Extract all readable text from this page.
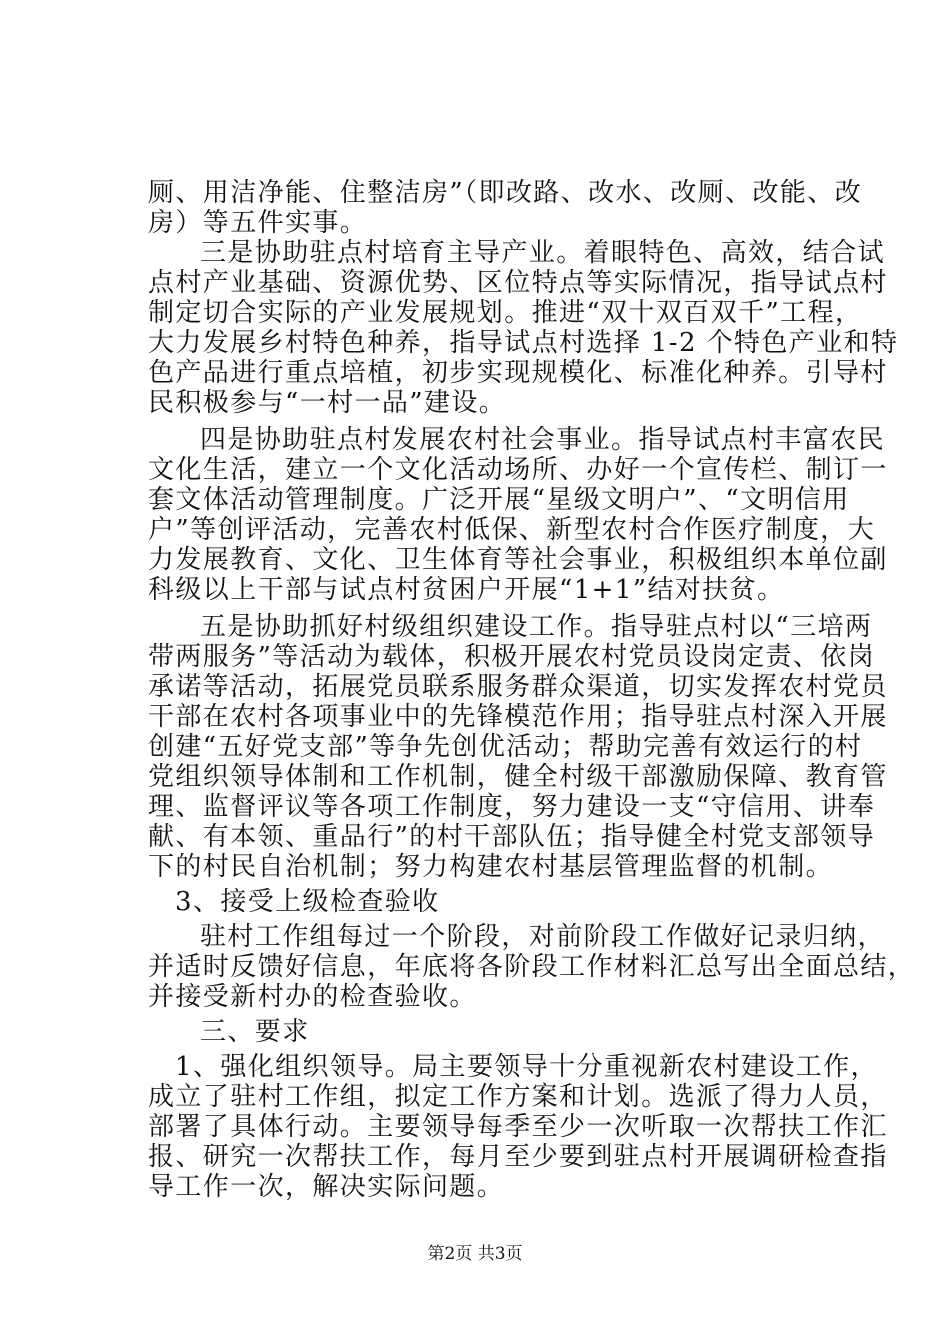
厕、用洁净能、住整洁房”（即改路、改水、改厕、改能、改
房）等五件实事。
三是协助驻点村培育主导产业。着眼特色、高效，结合试
点村产业基础、资源优势、区位特点等实际情况，指导试点村
制定切合实际的产业发展规划。推进“双十双百双千”工程，
大力发展乡村特色种养，指导试点村选择 1-2 个特色产业和特
色产品进行重点培植，初步实现规模化、标准化种养。引导村
民积极参与“一村一品”建设。
四是协助驻点村发展农村社会事业。指导试点村丰富农民
文化生活，建立一个文化活动场所、办好一个宣传栏、制订一
套文体活动管理制度。广泛开展“星级文明户”、“文明信用
户”等创评活动，完善农村低保、新型农村合作医疗制度，大
力发展教育、文化、卫生体育等社会事业，积极组织本单位副
科级以上干部与试点村贫困户开展“1+1”结对扶贫。
五是协助抓好村级组织建设工作。指导驻点村以“三培两
带两服务”等活动为载体，积极开展农村党员设岗定责、依岗
承诺等活动，拓展党员联系服务群众渠道，切实发挥农村党员
干部在农村各项事业中的先锋模范作用；指导驻点村深入开展
创建“五好党支部”等争先创优活动；帮助完善有效运行的村
党组织领导体制和工作机制，健全村级干部激励保障、教育管
理、监督评议等各项工作制度，努力建设一支“守信用、讲奉
献、有本领、重品行”的村干部队伍；指导健全村党支部领导
下的村民自治机制；努力构建农村基层管理监督的机制。
3、接受上级检查验收
驻村工作组每过一个阶段，对前阶段工作做好记录归纳，
并适时反馈好信息，年底将各阶段工作材料汇总写出全面总结，
并接受新村办的检查验收。
三、要求
1、强化组织领导。局主要领导十分重视新农村建设工作，
成立了驻村工作组，拟定工作方案和计划。选派了得力人员，
部署了具体行动。主要领导每季至少一次听取一次帮扶工作汇
报、研究一次帮扶工作，每月至少要到驻点村开展调研检查指
导工作一次，解决实际问题。
第2页 共3页
